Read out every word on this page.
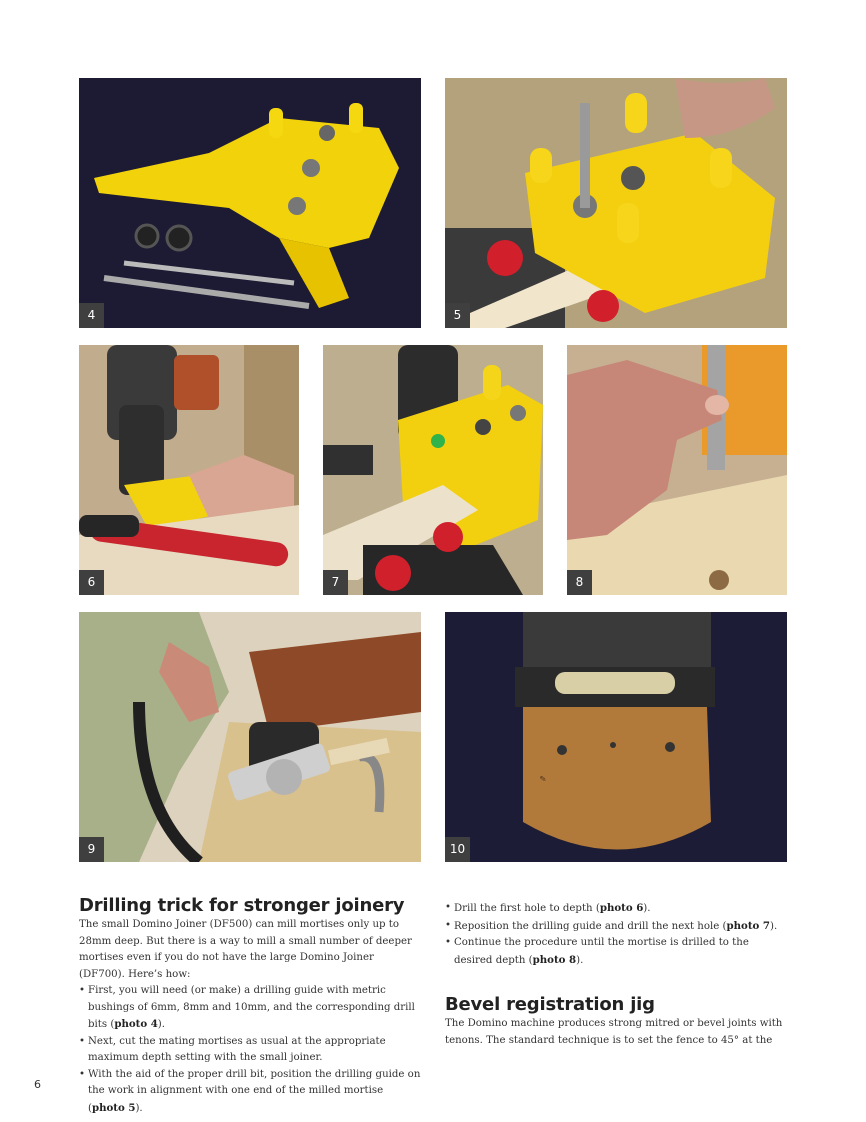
4	5
6	7	8
9
✎
10
Drilling trick for stronger joinery

The small Domino Joiner (DF500) can mill mortises only up to 28mm deep. But there is a way to mill a small number of deeper mortises even if you do not have the large Domino Joiner (DF700). Here’s how:

• First, you will need (or make) a drilling guide with metric bushings of 6mm, 8mm and 10mm, and the corresponding drill bits (photo 4).
• Next, cut the mating mortises as usual at the appropriate maximum depth setting with the small joiner.
• With the aid of the proper drill bit, position the drilling guide on the work in alignment with one end of the milled mortise (photo 5).
• Drill the first hole to depth (photo 6).
• Reposition the drilling guide and drill the next hole (photo 7).
• Continue the procedure until the mortise is drilled to the desired depth (photo 8).
Bevel registration jig

The Domino machine produces strong mitred or bevel joints with tenons. The standard technique is to set the fence to 45° at the

6
